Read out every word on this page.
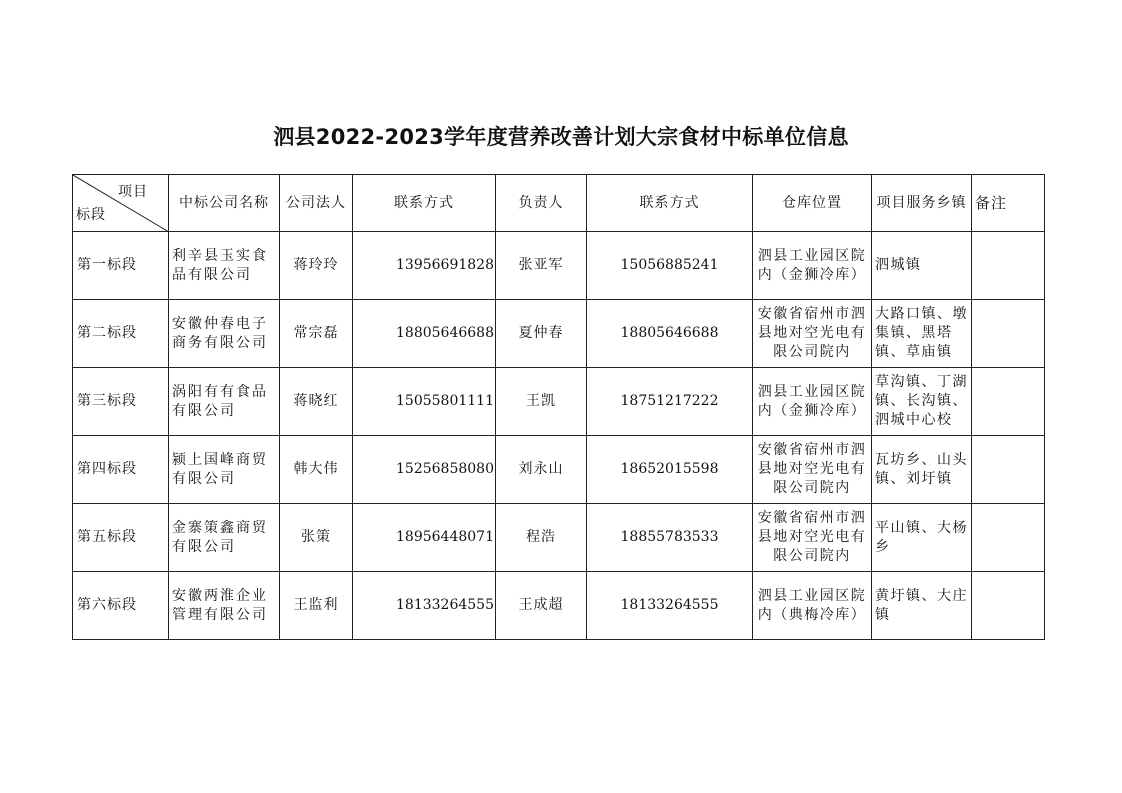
泗县2022-2023学年度营养改善计划大宗食材中标单位信息
项目
标段	中标公司名称	公司法人	联系方式	负责人	联系方式	仓库位置	项目服务乡镇	备注
第一标段	利辛县玉实食品有限公司	蒋玲玲	13956691828	张亚军	15056885241	泗县工业园区院内（金狮冷库）	泗城镇	
第二标段	安徽仲春电子商务有限公司	常宗磊	18805646688	夏仲春	18805646688	安徽省宿州市泗县地对空光电有限公司院内	大路口镇、墩集镇、黑塔镇、草庙镇	
第三标段	涡阳有有食品有限公司	蒋晓红	15055801111	王凯	18751217222	泗县工业园区院内（金狮冷库）	草沟镇、丁湖镇、长沟镇、泗城中心校	
第四标段	颍上国峰商贸有限公司	韩大伟	15256858080	刘永山	18652015598	安徽省宿州市泗县地对空光电有限公司院内	瓦坊乡、山头镇、刘圩镇	
第五标段	金寨策鑫商贸有限公司	张策	18956448071	程浩	18855783533	安徽省宿州市泗县地对空光电有限公司院内	平山镇、大杨乡	
第六标段	安徽两淮企业管理有限公司	王监利	18133264555	王成超	18133264555	泗县工业园区院内（典梅冷库）	黄圩镇、大庄镇	
